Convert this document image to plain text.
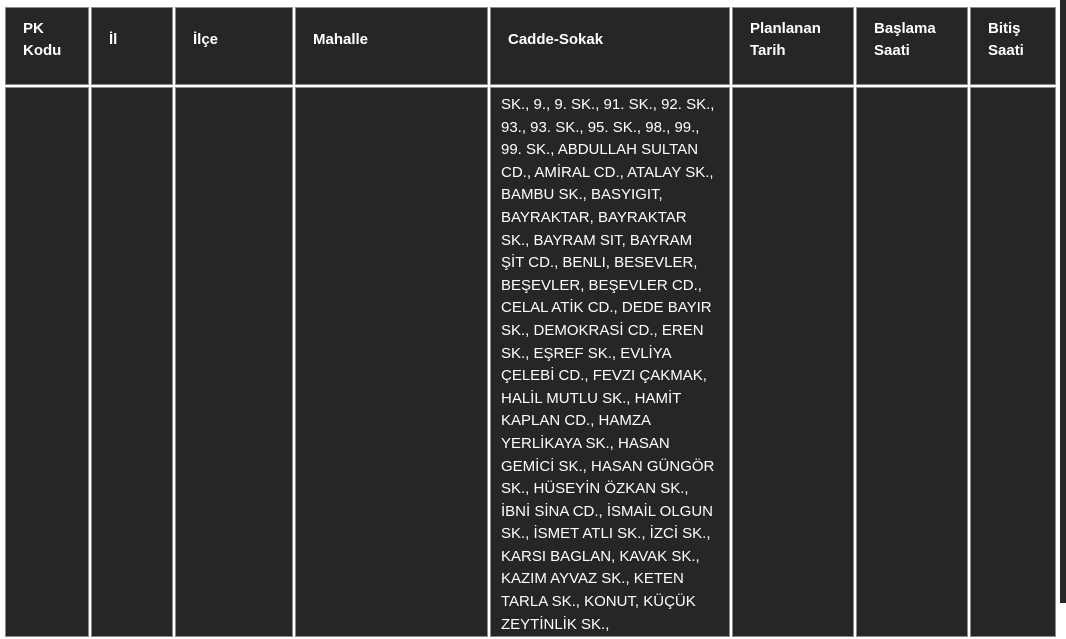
PK Kodu	İl	İlçe	Mahalle	Cadde-Sokak	Planlanan Tarih	Başlama Saati	Bitiş Saati
				SK., 9., 9. SK., 91. SK., 92. SK., 93., 93. SK., 95. SK., 98., 99., 99. SK., ABDULLAH SULTAN CD., AMİRAL CD., ATALAY SK., BAMBU SK., BASYIGIT, BAYRAKTAR, BAYRAKTAR SK., BAYRAM SIT, BAYRAM ŞİT CD., BENLI, BESEVLER, BEŞEVLER, BEŞEVLER CD., CELAL ATİK CD., DEDE BAYIR SK., DEMOKRASİ CD., EREN SK., EŞREF SK., EVLİYA ÇELEBİ CD., FEVZI ÇAKMAK, HALİL MUTLU SK., HAMİT KAPLAN CD., HAMZA YERLİKAYA SK., HASAN GEMİCİ SK., HASAN GÜNGÖR SK., HÜSEYİN ÖZKAN SK., İBNİ SİNA CD., İSMAİL OLGUN SK., İSMET ATLI SK., İZCİ SK., KARSI BAGLAN, KAVAK SK., KAZIM AYVAZ SK., KETEN TARLA SK., KONUT, KÜÇÜK ZEYTİNLİK SK.,			
